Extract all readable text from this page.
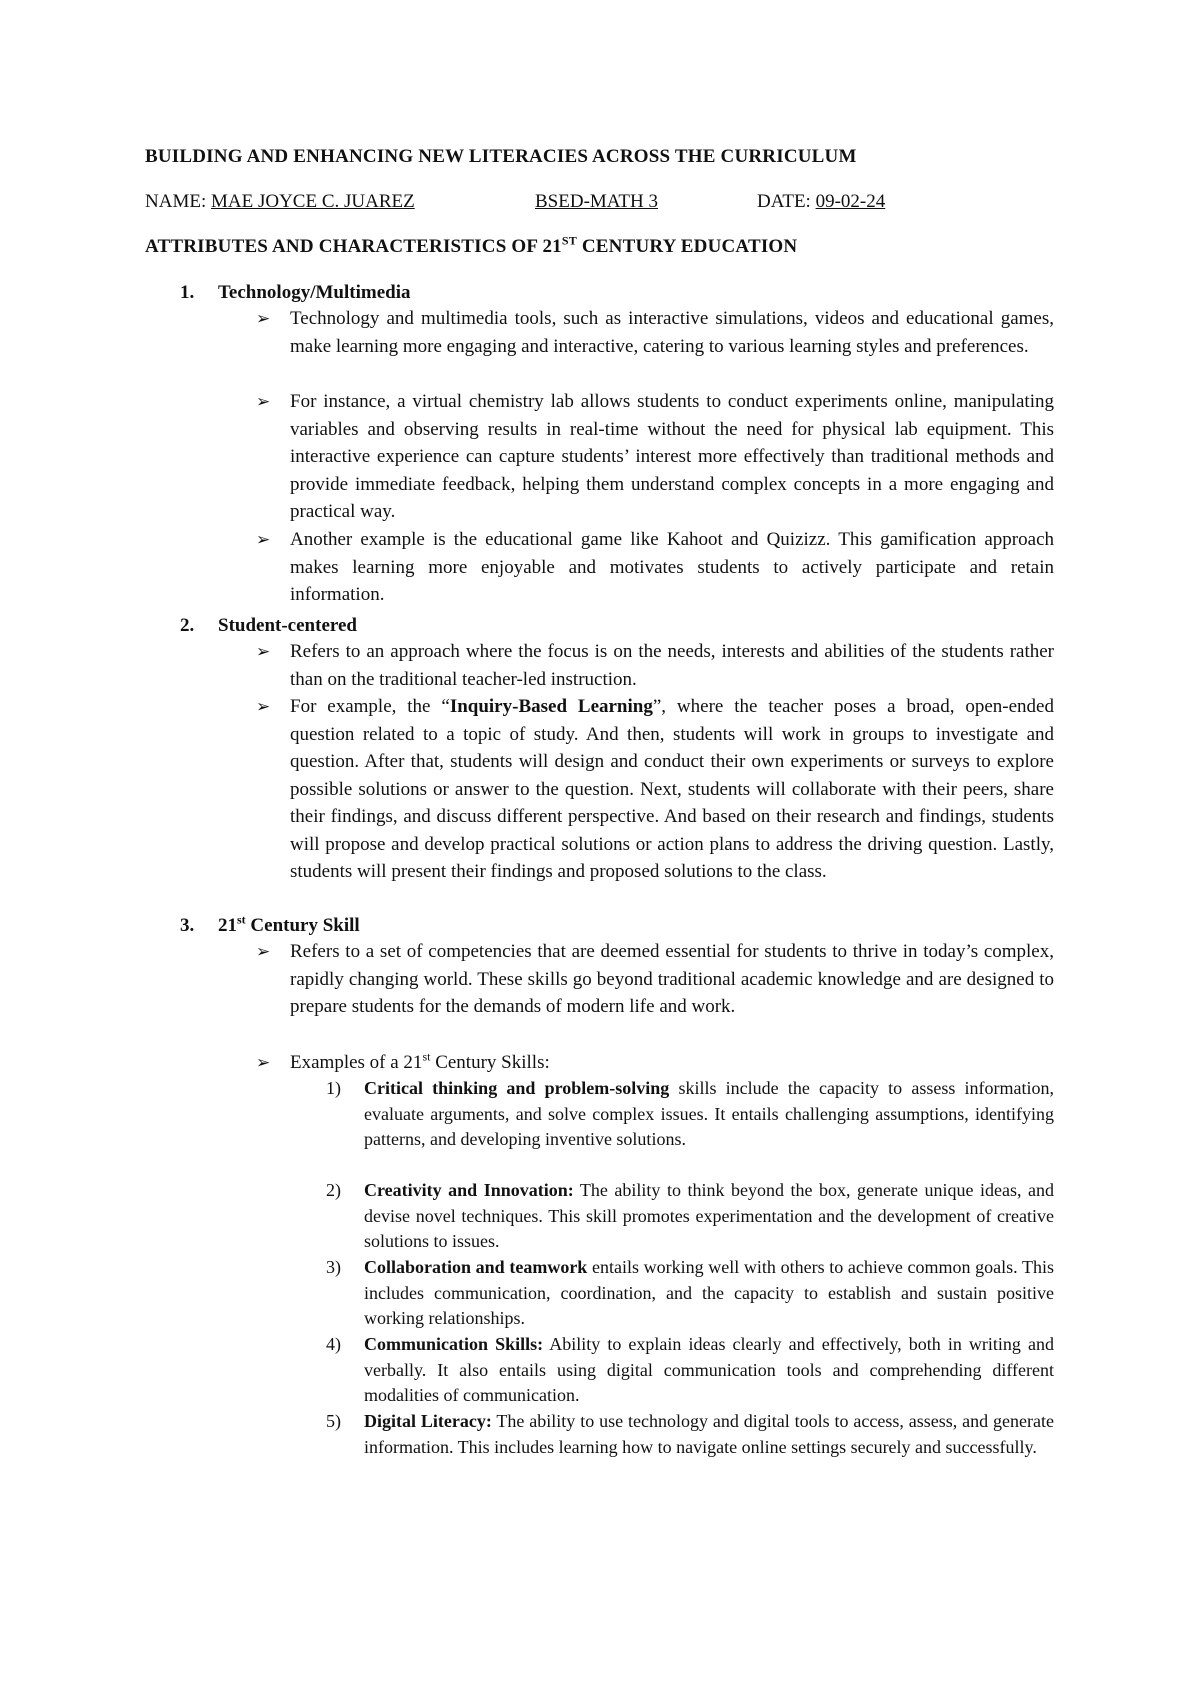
BUILDING AND ENHANCING NEW LITERACIES ACROSS THE CURRICULUM
NAME: MAE JOYCE C. JUAREZ	BSED-MATH 3	DATE: 09-02-24
ATTRIBUTES AND CHARACTERISTICS OF 21ST CENTURY EDUCATION
1. Technology/Multimedia
➢ Technology and multimedia tools, such as interactive simulations, videos and educational games, make learning more engaging and interactive, catering to various learning styles and preferences.

➢ For instance, a virtual chemistry lab allows students to conduct experiments online, manipulating variables and observing results in real-time without the need for physical lab equipment. This interactive experience can capture students’ interest more effectively than traditional methods and provide immediate feedback, helping them understand complex concepts in a more engaging and practical way.

➢ Another example is the educational game like Kahoot and Quizizz. This gamification approach makes learning more enjoyable and motivates students to actively participate and retain information.

2. Student-centered
➢ Refers to an approach where the focus is on the needs, interests and abilities of the students rather than on the traditional teacher-led instruction.

➢ For example, the “Inquiry-Based Learning”, where the teacher poses a broad, open-ended question related to a topic of study. And then, students will work in groups to investigate and question. After that, students will design and conduct their own experiments or surveys to explore possible solutions or answer to the question. Next, students will collaborate with their peers, share their findings, and discuss different perspective. And based on their research and findings, students will propose and develop practical solutions or action plans to address the driving question. Lastly, students will present their findings and proposed solutions to the class.

3. 21st Century Skill
➢ Refers to a set of competencies that are deemed essential for students to thrive in today’s complex, rapidly changing world. These skills go beyond traditional academic knowledge and are designed to prepare students for the demands of modern life and work.

➢ Examples of a 21st Century Skills:

1) Critical thinking and problem-solving skills include the capacity to assess information, evaluate arguments, and solve complex issues. It entails challenging assumptions, identifying patterns, and developing inventive solutions.

2) Creativity and Innovation: The ability to think beyond the box, generate unique ideas, and devise novel techniques. This skill promotes experimentation and the development of creative solutions to issues.

3) Collaboration and teamwork entails working well with others to achieve common goals. This includes communication, coordination, and the capacity to establish and sustain positive working relationships.

4) Communication Skills: Ability to explain ideas clearly and effectively, both in writing and verbally. It also entails using digital communication tools and comprehending different modalities of communication.

5) Digital Literacy: The ability to use technology and digital tools to access, assess, and generate information. This includes learning how to navigate online settings securely and successfully.
